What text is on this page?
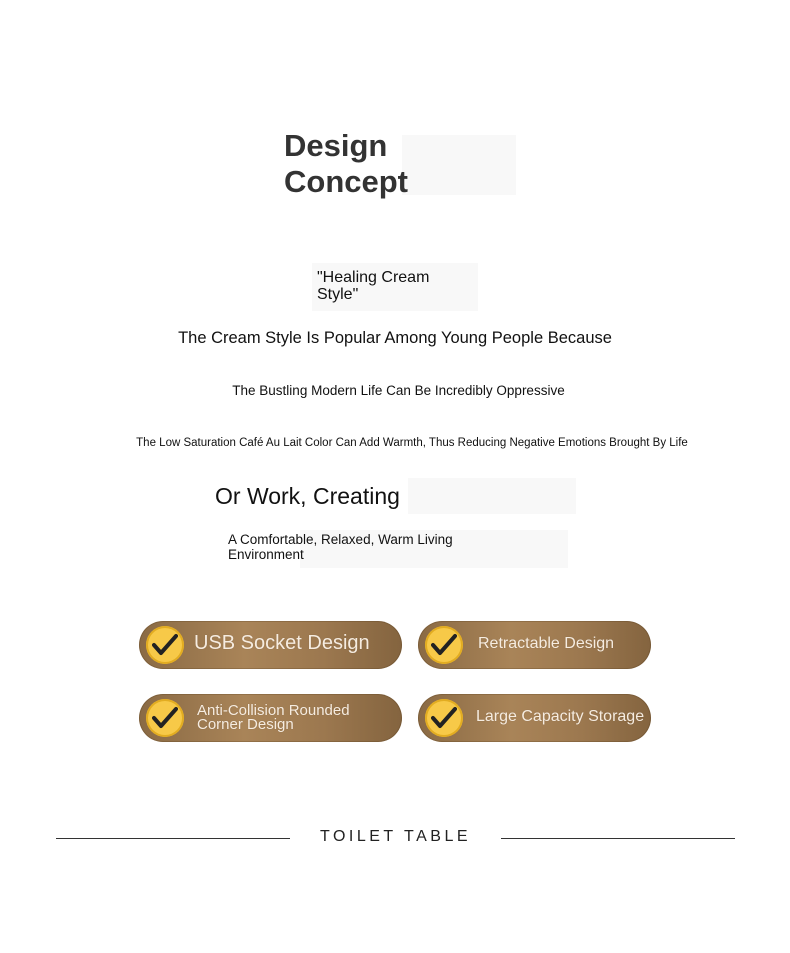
Design
Concept
"Healing Cream Style"
The Cream Style Is Popular Among Young People Because
The Bustling Modern Life Can Be Incredibly Oppressive
The Low Saturation Café Au Lait Color Can Add Warmth, Thus Reducing Negative Emotions Brought By Life
Or Work, Creating
A Comfortable, Relaxed, Warm Living Environment
USB Socket Design	Retractable Design
Anti-Collision Rounded Corner Design	Large Capacity Storage
TOILET TABLE
